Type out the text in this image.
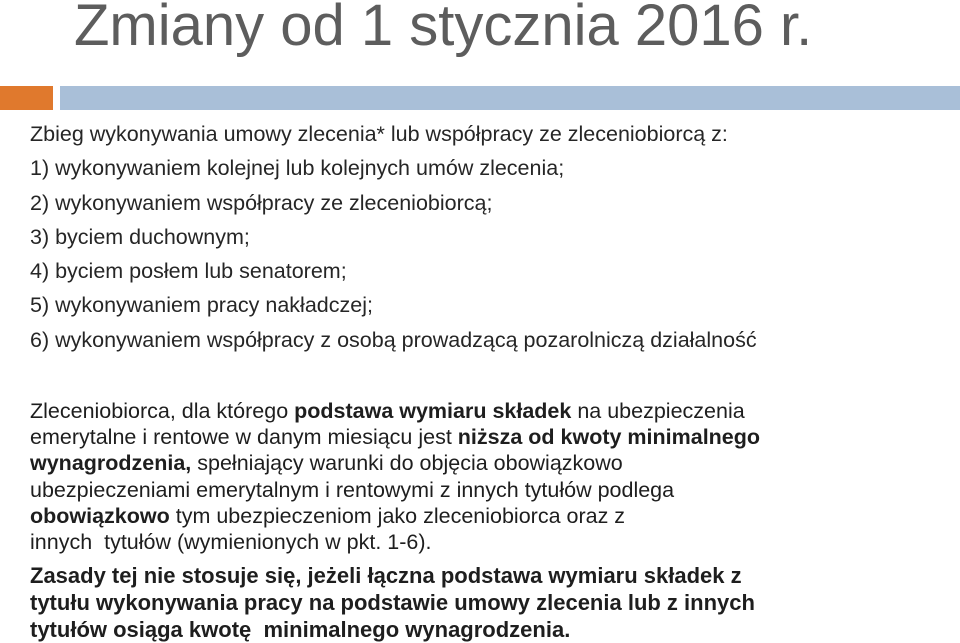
Zmiany od 1 stycznia 2016 r.
Zbieg wykonywania umowy zlecenia* lub współpracy ze zleceniobiorcą z:
1) wykonywaniem kolejnej lub kolejnych umów zlecenia;
2) wykonywaniem współpracy ze zleceniobiorcą;
3) byciem duchownym;
4) byciem posłem lub senatorem;
5) wykonywaniem pracy nakładczej;
6) wykonywaniem współpracy z osobą prowadzącą pozarolniczą działalność
Zleceniobiorca, dla którego podstawa wymiaru składek na ubezpieczenia
emerytalne i rentowe w danym miesiącu jest niższa od kwoty minimalnego
wynagrodzenia, spełniający warunki do objęcia obowiązkowo
ubezpieczeniami emerytalnym i rentowymi z innych tytułów podlega
obowiązkowo tym ubezpieczeniom jako zleceniobiorca oraz z
innych  tytułów (wymienionych w pkt. 1-6).
Zasady tej nie stosuje się, jeżeli łączna podstawa wymiaru składek z
tytułu wykonywania pracy na podstawie umowy zlecenia lub z innych
tytułów osiąga kwotę  minimalnego wynagrodzenia.
